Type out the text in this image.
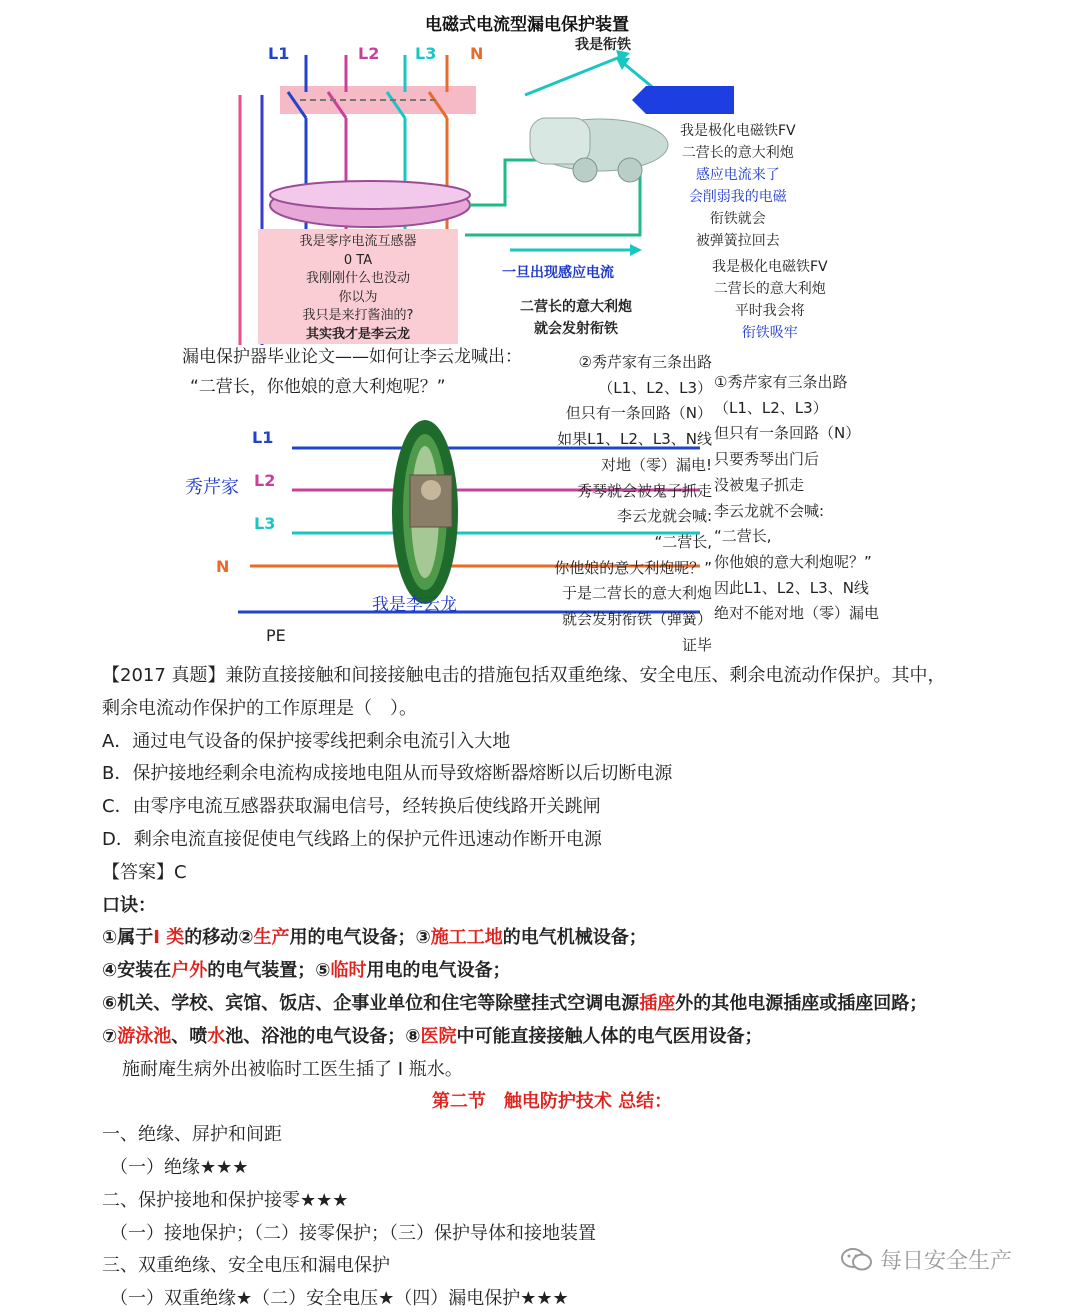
电磁式电流型漏电保护装置
L1	L2 L3 N	我是衔铁
我是极化电磁铁FV
二营长的意大利炮
感应电流来了
会削弱我的电磁
衔铁就会
被弹簧拉回去
我是极化电磁铁FV
二营长的意大利炮
平时我会将
衔铁吸牢
一旦出现感应电流
二营长的意大利炮
就会发射衔铁
我是零序电流互感器
0 TA
我刚刚什么也没动
你以为
我只是来打酱油的?
其实我才是李云龙
漏电保护器毕业论文——如何让李云龙喊出：
“二营长，你他娘的意大利炮呢？”
秀芹家
L1
L2
L3
N
PE
我是李云龙
②秀芹家有三条出路
（L1、L2、L3）
但只有一条回路（N）
如果L1、L2、L3、N线
对地（零）漏电!
秀琴就会被鬼子抓走
李云龙就会喊:
“二营长,
你他娘的意大利炮呢？”
于是二营长的意大利炮
就会发射衔铁（弹簧）
证毕
①秀芹家有三条出路
（L1、L2、L3）
但只有一条回路（N）
只要秀琴出门后
没被鬼子抓走
李云龙就不会喊:
“二营长,
你他娘的意大利炮呢？”
因此L1、L2、L3、N线
绝对不能对地（零）漏电
【2017 真题】兼防直接接触和间接接触电击的措施包括双重绝缘、安全电压、剩余电流动作保护。其中，
剩余电流动作保护的工作原理是（　）。
A．通过电气设备的保护接零线把剩余电流引入大地
B．保护接地经剩余电流构成接地电阻从而导致熔断器熔断以后切断电源
C．由零序电流互感器获取漏电信号，经转换后使线路开关跳闸
D．剩余电流直接促使电气线路上的保护元件迅速动作断开电源
【答案】C
口诀：
①属于I 类的移动②生产用的电气设备；③施工工地的电气机械设备；
④安装在户外的电气装置；⑤临时用电的电气设备；
⑥机关、学校、宾馆、饭店、企事业单位和住宅等除壁挂式空调电源插座外的其他电源插座或插座回路；
⑦游泳池、喷水池、浴池的电气设备；⑧医院中可能直接接触人体的电气医用设备；
施耐庵生病外出被临时工医生插了 I 瓶水。
第二节　触电防护技术 总结：
一、绝缘、屏护和间距
（一）绝缘★★★
二、保护接地和保护接零★★★
（一）接地保护；（二）接零保护；（三）保护导体和接地装置
三、双重绝缘、安全电压和漏电保护
（一）双重绝缘★（二）安全电压★（四）漏电保护★★★
每日安全生产
